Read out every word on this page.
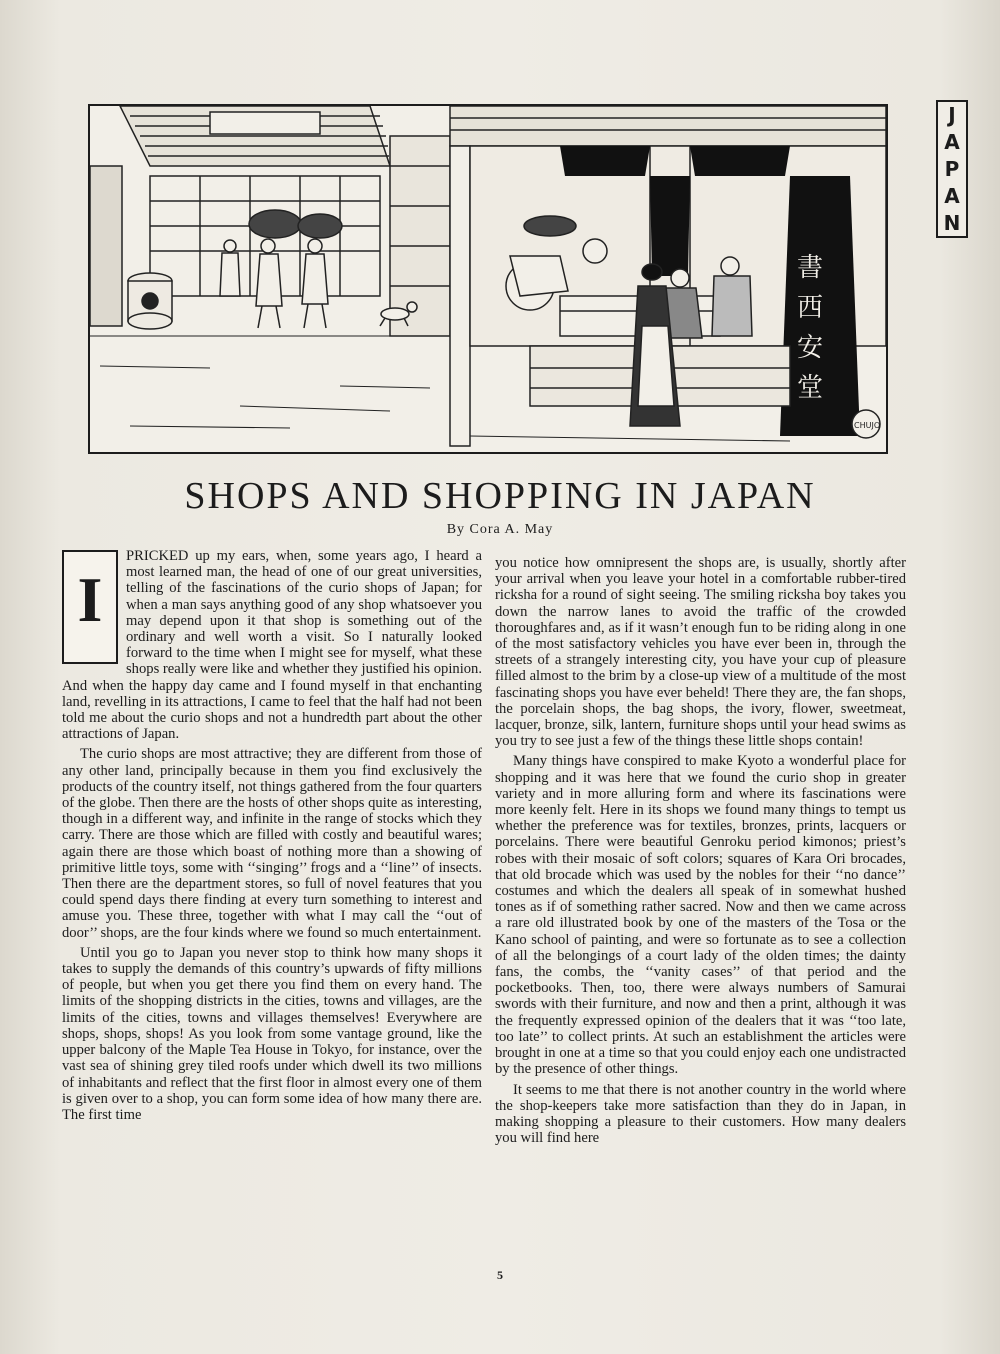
書
西
安
堂
CHUJO
J
A
P
A
N
SHOPS AND SHOPPING IN JAPAN
By Cora A. May
I

PRICKED up my ears, when, some years ago, I heard a most learned man, the head of one of our great universities, telling of the fascinations of the curio shops of Japan; for when a man says anything good of any shop whatsoever you may depend upon it that shop is something out of the ordinary and well worth a visit. So I naturally looked forward to the time when I might see for myself, what these shops really were like and whether they justified his opinion. And when the happy day came and I found myself in that enchanting land, revelling in its attractions, I came to feel that the half had not been told me about the curio shops and not a hundredth part about the other attractions of Japan.

The curio shops are most attractive; they are different from those of any other land, principally because in them you find exclusively the products of the country itself, not things gathered from the four quarters of the globe. Then there are the hosts of other shops quite as interesting, though in a different way, and infinite in the range of stocks which they carry. There are those which are filled with costly and beautiful wares; again there are those which boast of nothing more than a showing of primitive little toys, some with ‘‘singing’’ frogs and a ‘‘line’’ of insects. Then there are the department stores, so full of novel features that you could spend days there finding at every turn something to interest and amuse you. These three, together with what I may call the ‘‘out of door’’ shops, are the four kinds where we found so much entertainment.

Until you go to Japan you never stop to think how many shops it takes to supply the demands of this country’s upwards of fifty millions of people, but when you get there you find them on every hand. The limits of the shopping districts in the cities, towns and villages, are the limits of the cities, towns and villages themselves! Everywhere are shops, shops, shops! As you look from some vantage ground, like the upper balcony of the Maple Tea House in Tokyo, for instance, over the vast sea of shining grey tiled roofs under which dwell its two millions of inhabitants and reflect that the first floor in almost every one of them is given over to a shop, you can form some idea of how many there are. The first time

you notice how omnipresent the shops are, is usually, shortly after your arrival when you leave your hotel in a comfortable rubber-tired ricksha for a round of sight seeing. The smiling ricksha boy takes you down the narrow lanes to avoid the traffic of the crowded thoroughfares and, as if it wasn’t enough fun to be riding along in one of the most satisfactory vehicles you have ever been in, through the streets of a strangely interesting city, you have your cup of pleasure filled almost to the brim by a close-up view of a multitude of the most fascinating shops you have ever beheld! There they are, the fan shops, the porcelain shops, the bag shops, the ivory, flower, sweetmeat, lacquer, bronze, silk, lantern, furniture shops until your head swims as you try to see just a few of the things these little shops contain!

Many things have conspired to make Kyoto a wonderful place for shopping and it was here that we found the curio shop in greater variety and in more alluring form and where its fascinations were more keenly felt. Here in its shops we found many things to tempt us whether the preference was for textiles, bronzes, prints, lacquers or porcelains. There were beautiful Genroku period kimonos; priest’s robes with their mosaic of soft colors; squares of Kara Ori brocades, that old brocade which was used by the nobles for their ‘‘no dance’’ costumes and which the dealers all speak of in somewhat hushed tones as if of something rather sacred. Now and then we came across a rare old illustrated book by one of the masters of the Tosa or the Kano school of painting, and were so fortunate as to see a collection of all the belongings of a court lady of the olden times; the dainty fans, the combs, the ‘‘vanity cases’’ of that period and the pocketbooks. Then, too, there were always numbers of Samurai swords with their furniture, and now and then a print, although it was the frequently expressed opinion of the dealers that it was ‘‘too late, too late’’ to collect prints. At such an establishment the articles were brought in one at a time so that you could enjoy each one undistracted by the presence of other things.

It seems to me that there is not another country in the world where the shop-keepers take more satisfaction than they do in Japan, in making shopping a pleasure to their customers. How many dealers you will find here

5
